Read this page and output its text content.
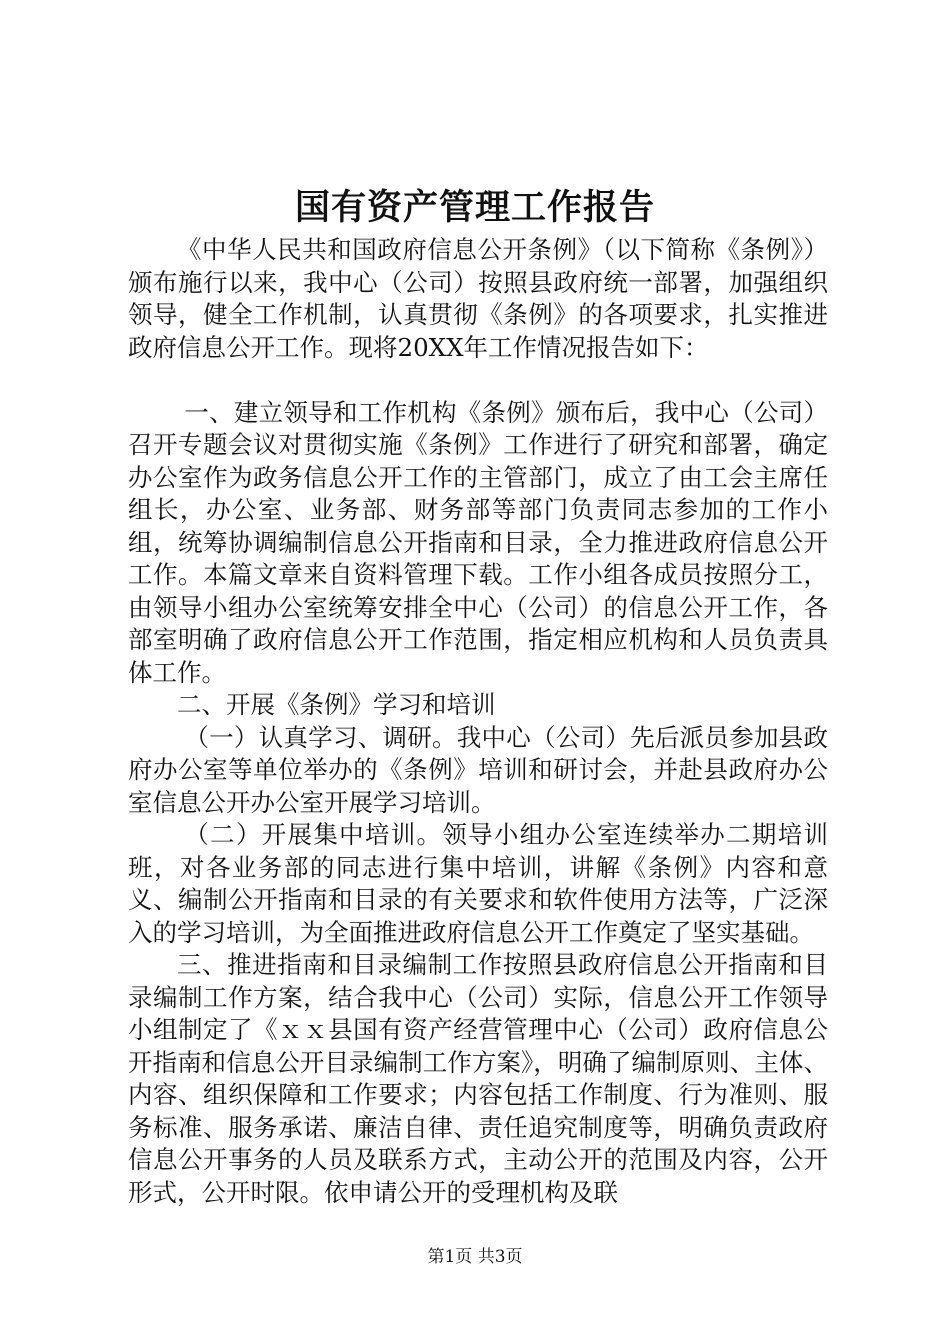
国有资产管理工作报告

《中华人民共和国政府信息公开条例》（以下简称《条例》）颁布施行以来，我中心（公司）按照县政府统一部署，加强组织领导，健全工作机制，认真贯彻《条例》的各项要求，扎实推进政府信息公开工作。现将20XX年工作情况报告如下：

一、建立领导和工作机构《条例》颁布后，我中心（公司）召开专题会议对贯彻实施《条例》工作进行了研究和部署，确定办公室作为政务信息公开工作的主管部门，成立了由工会主席任组长，办公室、业务部、财务部等部门负责同志参加的工作小组，统筹协调编制信息公开指南和目录，全力推进政府信息公开工作。本篇文章来自资料管理下载。工作小组各成员按照分工，由领导小组办公室统筹安排全中心（公司）的信息公开工作，各部室明确了政府信息公开工作范围，指定相应机构和人员负责具体工作。

二、开展《条例》学习和培训

（一）认真学习、调研。我中心（公司）先后派员参加县政府办公室等单位举办的《条例》培训和研讨会，并赴县政府办公室信息公开办公室开展学习培训。

（二）开展集中培训。领导小组办公室连续举办二期培训班，对各业务部的同志进行集中培训，讲解《条例》内容和意义、编制公开指南和目录的有关要求和软件使用方法等，广泛深入的学习培训，为全面推进政府信息公开工作奠定了坚实基础。

三、推进指南和目录编制工作按照县政府信息公开指南和目录编制工作方案，结合我中心（公司）实际，信息公开工作领导小组制定了《ｘｘ县国有资产经营管理中心（公司）政府信息公开指南和信息公开目录编制工作方案》，明确了编制原则、主体、内容、组织保障和工作要求；内容包括工作制度、行为准则、服务标准、服务承诺、廉洁自律、责任追究制度等，明确负责政府信息公开事务的人员及联系方式，主动公开的范围及内容，公开形式，公开时限。依申请公开的受理机构及联

第1页 共3页
